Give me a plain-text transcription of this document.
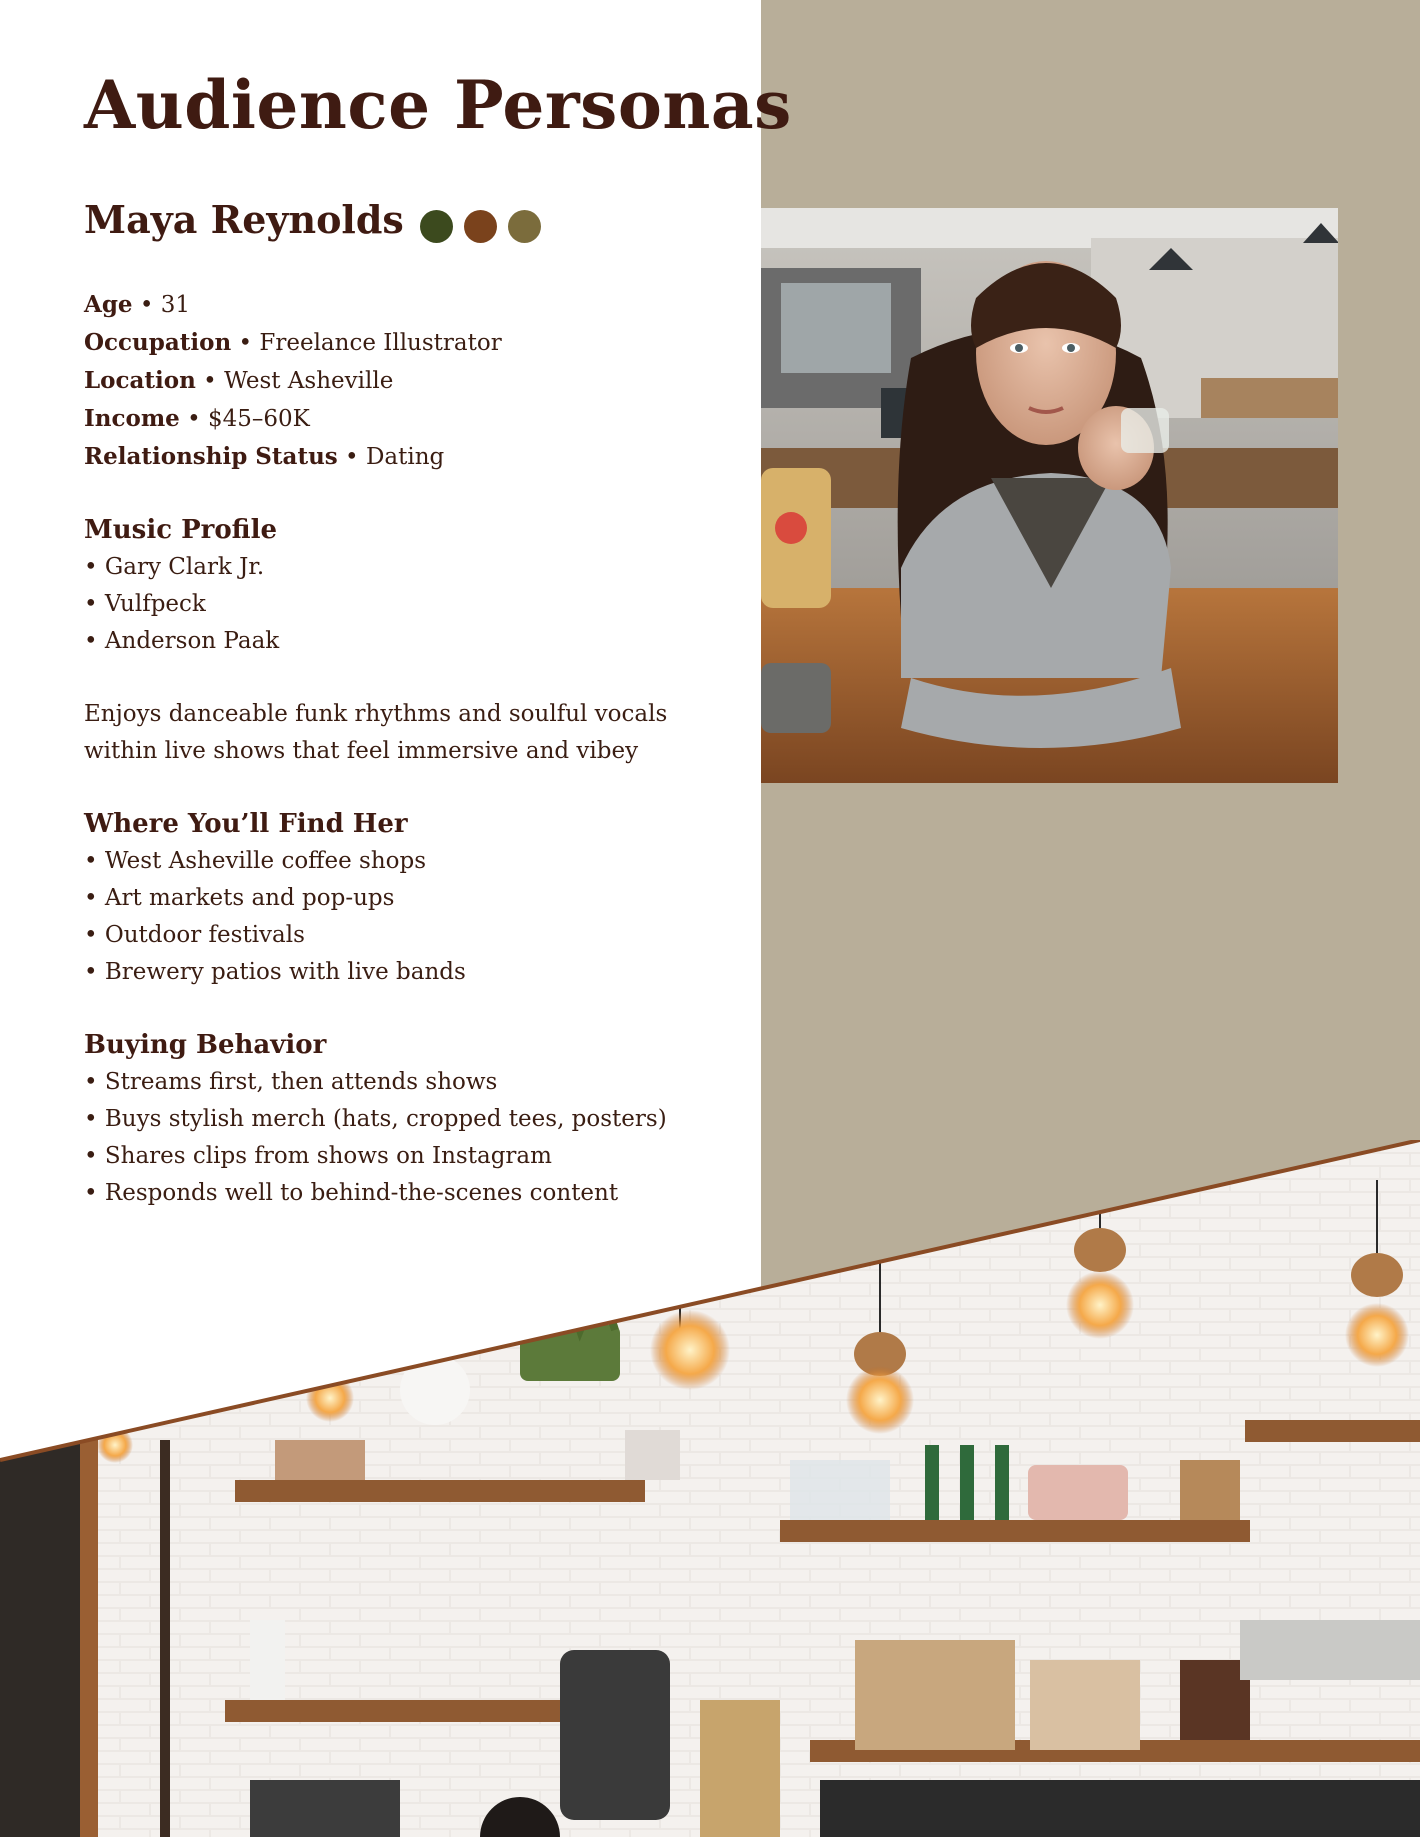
Audience Personas
Maya Reynolds
Age • 31
Occupation • Freelance Illustrator
Location • West Asheville
Income • $45–60K
Relationship Status • Dating
Music Profile
• Gary Clark Jr.
• Vulfpeck
• Anderson Paak
Enjoys danceable funk rhythms and soulful vocals
within live shows that feel immersive and vibey
Where You’ll Find Her
• West Asheville coffee shops
• Art markets and pop-ups
• Outdoor festivals
• Brewery patios with live bands
Buying Behavior
• Streams first, then attends shows
• Buys stylish merch (hats, cropped tees, posters)
• Shares clips from shows on Instagram
• Responds well to behind-the-scenes content
